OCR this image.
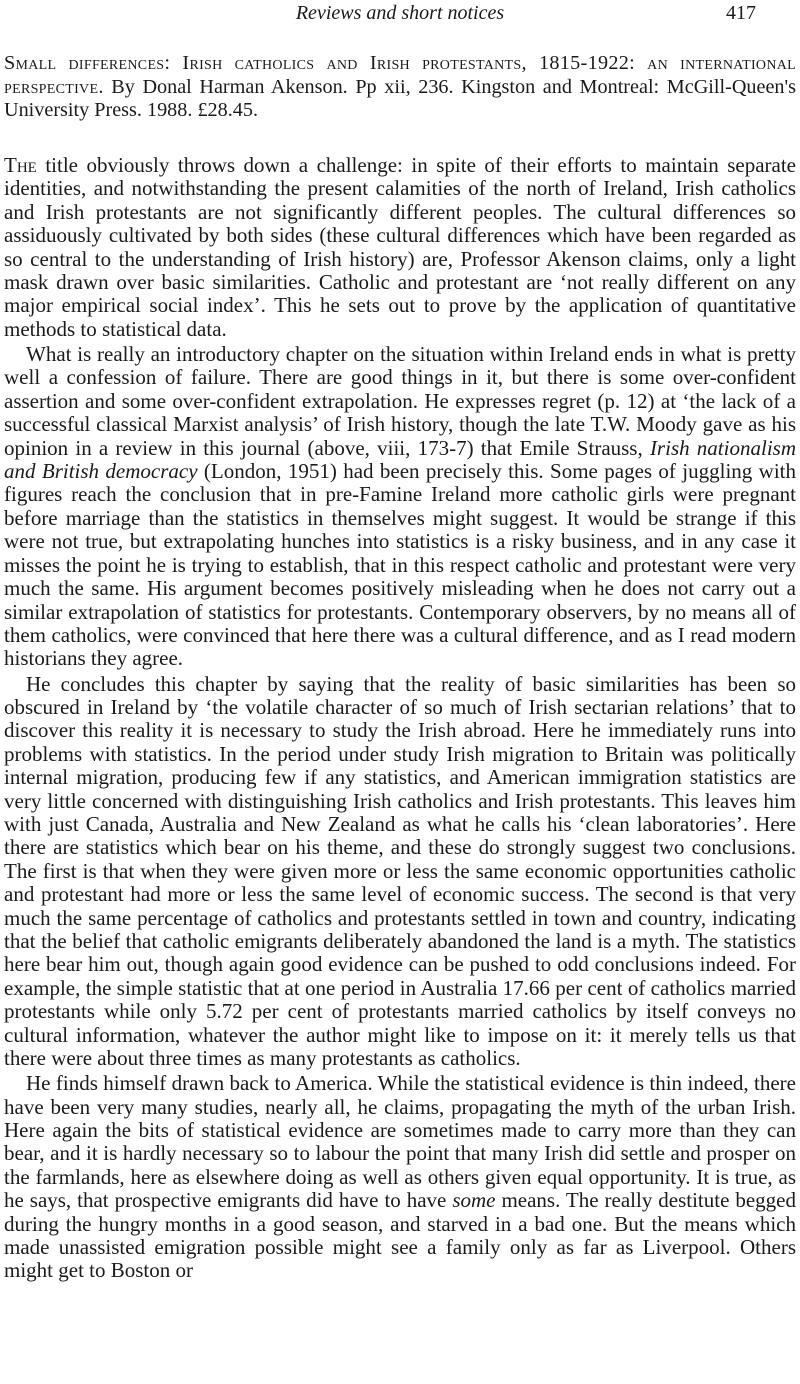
Reviews and short notices	417
Small differences: Irish catholics and Irish protestants, 1815-1922: an international perspective. By Donal Harman Akenson. Pp xii, 236. Kingston and Montreal: McGill-Queen's University Press. 1988. £28.45.

The title obviously throws down a challenge: in spite of their efforts to maintain separate identities, and notwithstanding the present calamities of the north of Ireland, Irish catholics and Irish protestants are not significantly different peoples. The cultural differences so assiduously cultivated by both sides (these cultural differences which have been regarded as so central to the understanding of Irish history) are, Professor Akenson claims, only a light mask drawn over basic similarities. Catholic and protestant are ‘not really different on any major empirical social index’. This he sets out to prove by the application of quantitative methods to statistical data.

What is really an introductory chapter on the situation within Ireland ends in what is pretty well a confession of failure. There are good things in it, but there is some over-confident assertion and some over-confident extrapolation. He expresses regret (p. 12) at ‘the lack of a successful classical Marxist analysis’ of Irish history, though the late T.W. Moody gave as his opinion in a review in this journal (above, viii, 173-7) that Emile Strauss, Irish nationalism and British democracy (London, 1951) had been precisely this. Some pages of juggling with figures reach the conclusion that in pre-Famine Ireland more catholic girls were pregnant before marriage than the statistics in themselves might suggest. It would be strange if this were not true, but extrapolating hunches into statistics is a risky business, and in any case it misses the point he is trying to establish, that in this respect catholic and protestant were very much the same. His argument becomes positively misleading when he does not carry out a similar extrapolation of statistics for protestants. Contemporary observers, by no means all of them catholics, were convinced that here there was a cultural difference, and as I read modern historians they agree.

He concludes this chapter by saying that the reality of basic similarities has been so obscured in Ireland by ‘the volatile character of so much of Irish sectarian relations’ that to discover this reality it is necessary to study the Irish abroad. Here he immediately runs into problems with statistics. In the period under study Irish migration to Britain was politically internal migration, producing few if any statistics, and American immigration statistics are very little concerned with distinguishing Irish catholics and Irish protestants. This leaves him with just Canada, Australia and New Zealand as what he calls his ‘clean laboratories’. Here there are statistics which bear on his theme, and these do strongly suggest two conclusions. The first is that when they were given more or less the same economic opportunities catholic and protestant had more or less the same level of economic success. The second is that very much the same percentage of catholics and protestants settled in town and country, indicating that the belief that catholic emigrants deliberately abandoned the land is a myth. The statistics here bear him out, though again good evidence can be pushed to odd conclusions indeed. For example, the simple statistic that at one period in Australia 17.66 per cent of catholics married protestants while only 5.72 per cent of protestants married catholics by itself conveys no cultural information, whatever the author might like to impose on it: it merely tells us that there were about three times as many protestants as catholics.

He finds himself drawn back to America. While the statistical evidence is thin indeed, there have been very many studies, nearly all, he claims, propagating the myth of the urban Irish. Here again the bits of statistical evidence are sometimes made to carry more than they can bear, and it is hardly necessary so to labour the point that many Irish did settle and prosper on the farmlands, here as elsewhere doing as well as others given equal opportunity. It is true, as he says, that prospective emigrants did have to have some means. The really destitute begged during the hungry months in a good season, and starved in a bad one. But the means which made unassisted emigration possible might see a family only as far as Liverpool. Others might get to Boston or
